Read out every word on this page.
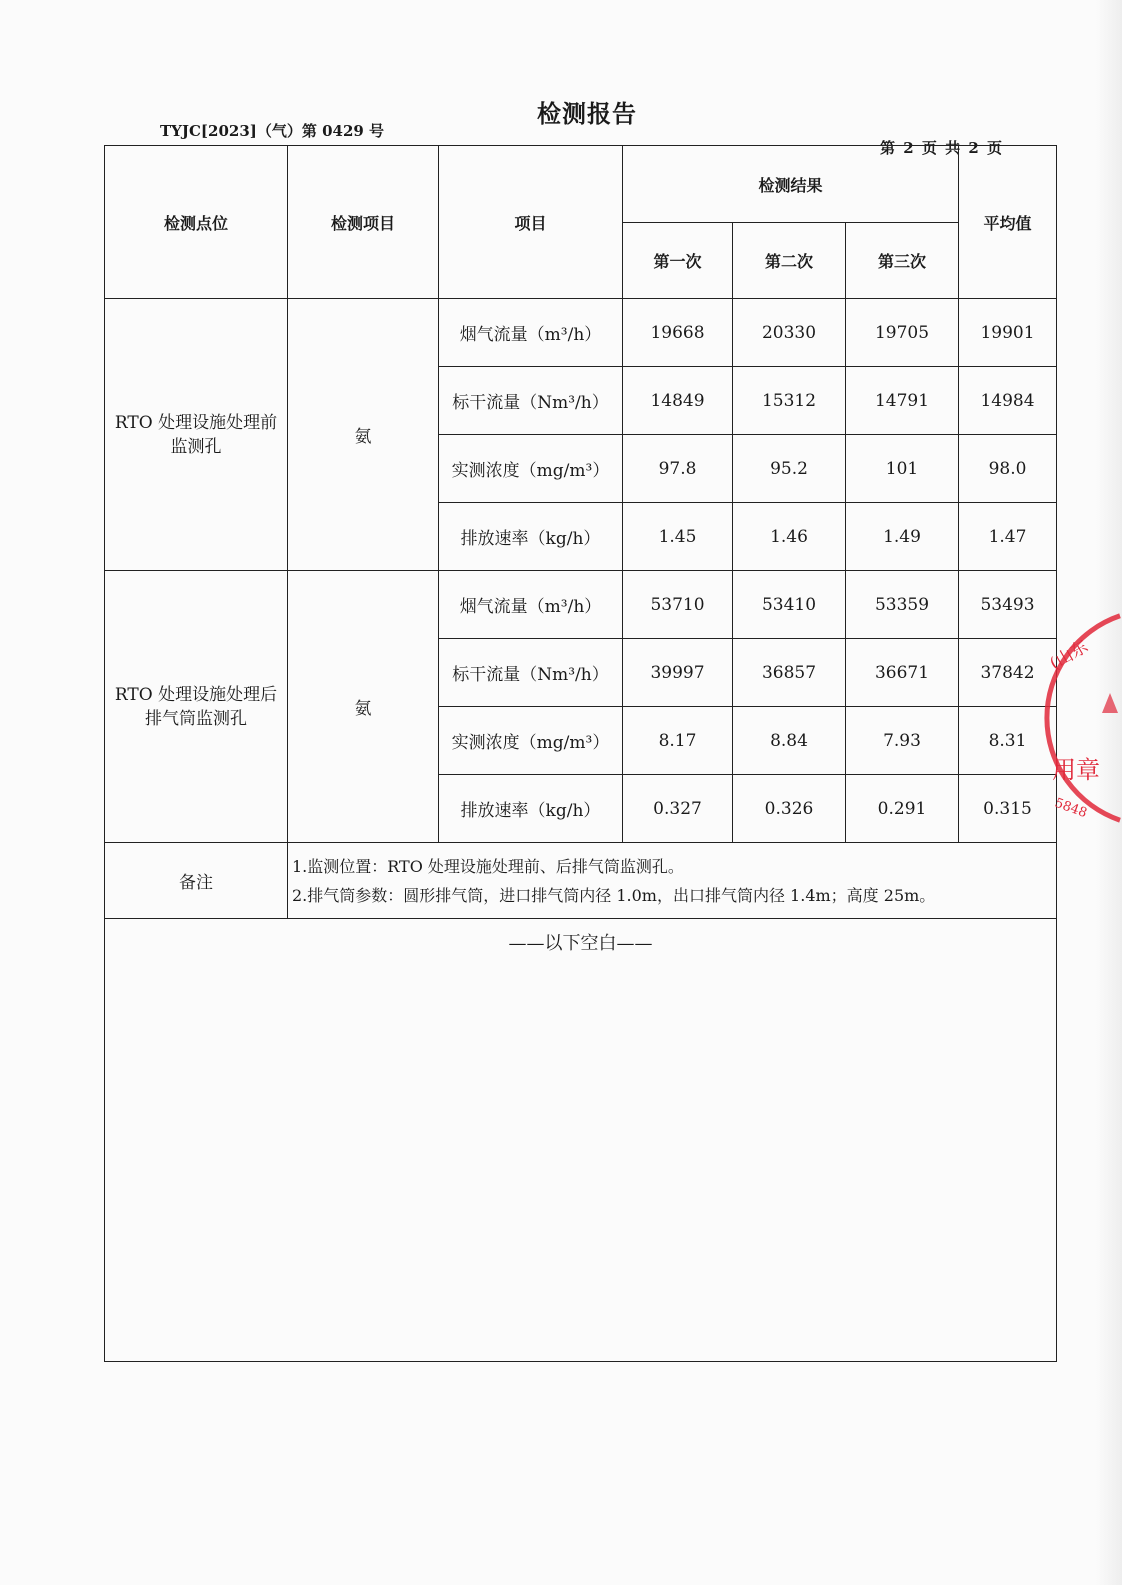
检测报告
TYJC[2023]（气）第 0429 号
第 2 页 共 2 页
检测点位	检测项目	项目	检测结果			平均值
			第一次	第二次	第三次	
RTO 处理设施处理前监测孔	氨	烟气流量（m³/h）	19668	20330	19705	19901
		标干流量（Nm³/h）	14849	15312	14791	14984
		实测浓度（mg/m³）	97.8	95.2	101	98.0
		排放速率（kg/h）	1.45	1.46	1.49	1.47
RTO 处理设施处理后排气筒监测孔	氨	烟气流量（m³/h）	53710	53410	53359	53493
		标干流量（Nm³/h）	39997	36857	36671	37842
		实测浓度（mg/m³）	8.17	8.84	7.93	8.31
		排放速率（kg/h）	0.327	0.326	0.291	0.315
备注	1.监测位置：RTO 处理设施处理前、后排气筒监测孔。
2.排气筒参数：圆形排气筒，进口排气筒内径 1.0m，出口排气筒内径 1.4m；高度 25m。					

——以下空白——						
(山东
用章
5848
